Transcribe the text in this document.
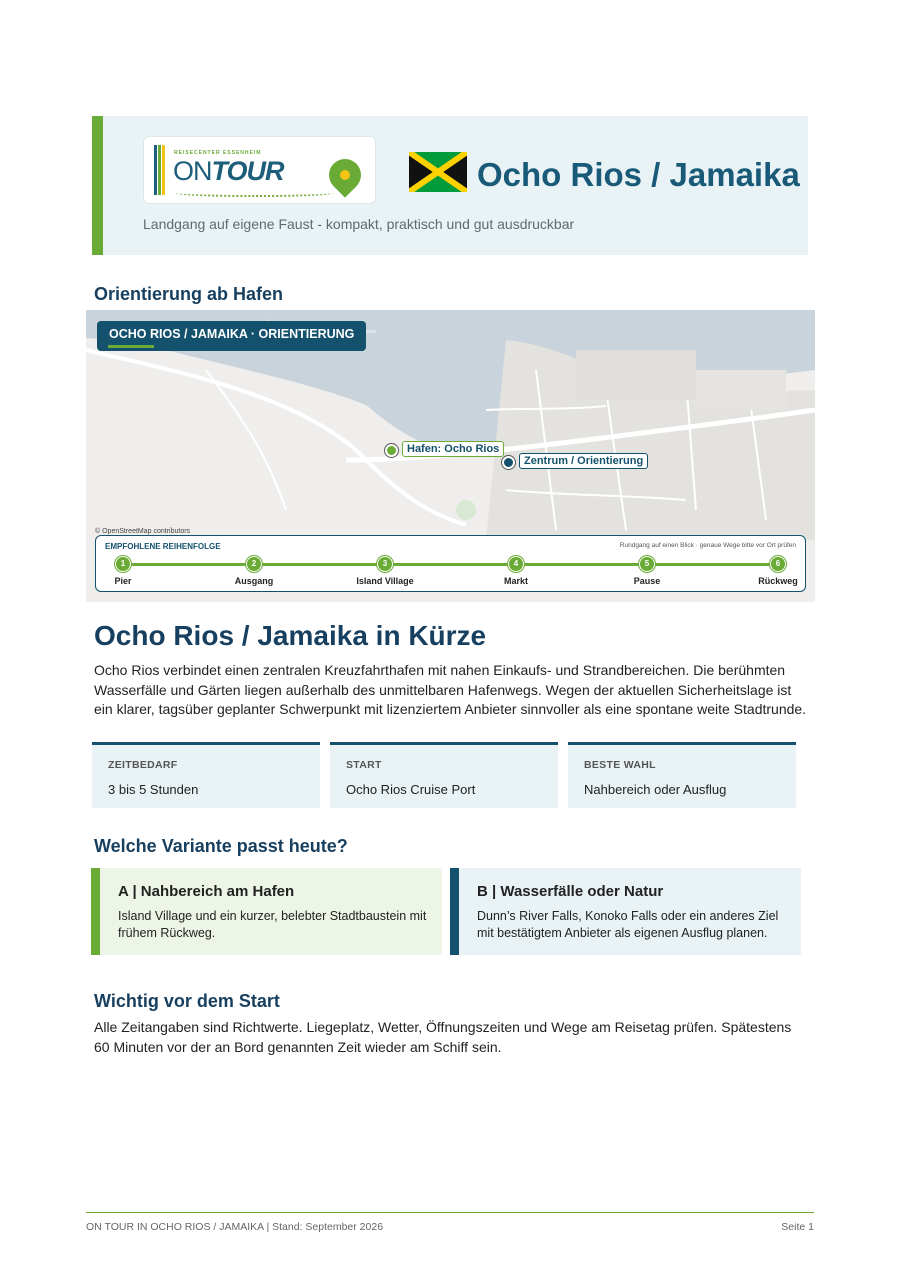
REISECENTER ESSENHEIM
ONTOUR	Ocho Rios / Jamaika
Landgang auf eigene Faust - kompakt, praktisch und gut ausdruckbar
Orientierung ab Hafen
OCHO RIOS / JAMAIKA · ORIENTIERUNG
Hafen: Ocho Rios
Zentrum / Orientierung
© OpenStreetMap contributors
EMPFOHLENE REIHENFOLGE	Rundgang auf einen Blick · genaue Wege bitte vor Ort prüfen
1	2	3	4	5	6
Pier	Ausgang	Island Village	Markt	Pause	Rückweg
Ocho Rios / Jamaika in Kürze

Ocho Rios verbindet einen zentralen Kreuzfahrthafen mit nahen Einkaufs- und Strandbereichen. Die berühmten Wasserfälle und Gärten liegen außerhalb des unmittelbaren Hafenwegs. Wegen der aktuellen Sicherheitslage ist ein klarer, tagsüber geplanter Schwerpunkt mit lizenziertem Anbieter sinnvoller als eine spontane weite Stadtrunde.

ZEITBEDARF
3 bis 5 Stunden
START
Ocho Rios Cruise Port
BESTE WAHL
Nahbereich oder Ausflug
Welche Variante passt heute?
A | Nahbereich am Hafen
Island Village und ein kurzer, belebter Stadtbaustein mit frühem Rückweg.
B | Wasserfälle oder Natur
Dunn’s River Falls, Konoko Falls oder ein anderes Ziel mit bestätigtem Anbieter als eigenen Ausflug planen.
Wichtig vor dem Start

Alle Zeitangaben sind Richtwerte. Liegeplatz, Wetter, Öffnungszeiten und Wege am Reisetag prüfen. Spätestens 60 Minuten vor der an Bord genannten Zeit wieder am Schiff sein.

ON TOUR IN OCHO RIOS / JAMAIKA | Stand: September 2026	Seite 1
